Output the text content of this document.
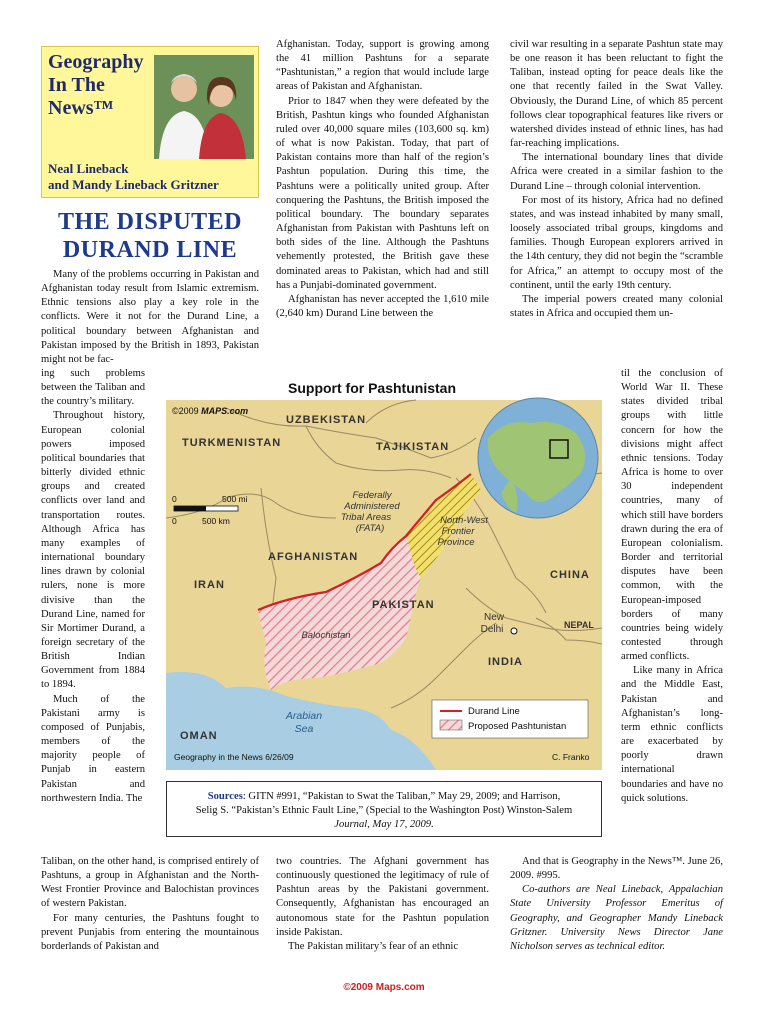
Geography
In The
News™
Neal Lineback
and Mandy Lineback Gritzner
THE DISPUTED
DURAND LINE

Many of the problems occurring in Pakistan and Afghanistan today result from Islamic extremism. Ethnic tensions also play a key role in the conflicts. Were it not for the Durand Line, a political boundary between Afghanistan and Pakistan imposed by the British in 1893, Pakistan might not be fac-

ing such problems between the Taliban and the country’s military.

Throughout history, European colonial powers imposed political boundaries that bitterly divided ethnic groups and created conflicts over land and transportation routes. Although Africa has many examples of international boundary lines drawn by colonial rulers, none is more divisive than the Durand Line, named for Sir Mortimer Durand, a foreign secretary of the British Indian Government from 1884 to 1894.

Much of the Pakistani army is composed of Punjabis, members of the majority people of Punjab in eastern Pakistan and northwestern India. The

Taliban, on the other hand, is comprised entirely of Pashtuns, a group in Afghanistan and the North-West Frontier Province and Balochistan provinces of western Pakistan.

For many centuries, the Pashtuns fought to prevent Punjabis from entering the mountainous borderlands of Pakistan and

Afghanistan. Today, support is growing among the 41 million Pashtuns for a separate “Pashtunistan,” a region that would include large areas of Pakistan and Afghanistan.

Prior to 1847 when they were defeated by the British, Pashtun kings who founded Afghanistan ruled over 40,000 square miles (103,600 sq. km) of what is now Pakistan. Today, that part of Pakistan contains more than half of the region’s Pashtun population. During this time, the Pashtuns were a politically united group. After conquering the Pashtuns, the British imposed the political boundary. The boundary separates Afghanistan from Pakistan with Pashtuns left on both sides of the line. Although the Pashtuns vehemently protested, the British gave these dominated areas to Pakistan, which had and still has a Punjabi-dominated government.

Afghanistan has never accepted the 1,610 mile (2,640 km) Durand Line between the

two countries. The Afghani government has continuously questioned the legitimacy of rule of Pashtun areas by the Pakistani government. Consequently, Afghanistan has encouraged an autonomous state for the Pashtun population inside Pakistan.

The Pakistan military’s fear of an ethnic

civil war resulting in a separate Pashtun state may be one reason it has been reluctant to fight the Taliban, instead opting for peace deals like the one that recently failed in the Swat Valley. Obviously, the Durand Line, of which 85 percent follows clear topographical features like rivers or watershed divides instead of ethnic lines, has had far-reaching implications.

The international boundary lines that divide Africa were created in a similar fashion to the Durand Line – through colonial intervention.

For most of its history, Africa had no defined states, and was instead inhabited by many small, loosely associated tribal groups, kingdoms and families. Though European explorers arrived in the 14th century, they did not begin the “scramble for Africa,” an attempt to occupy most of the continent, until the early 19th century.

The imperial powers created many colonial states in Africa and occupied them un-

til the conclusion of World War II. These states divided tribal groups with little concern for how the divisions might affect ethnic tensions. Today Africa is home to over 30 independent countries, many of which still have borders drawn during the era of European colonialism. Border and territorial disputes have been common, with the European-imposed borders of many countries being widely contested through armed conflicts.

Like many in Africa and the Middle East, Pakistan and Afghanistan’s long-term ethnic conflicts are exacerbated by poorly drawn international boundaries and have no quick solutions.

And that is Geography in the News™. June 26, 2009. #995.

Co-authors are Neal Lineback, Appalachian State University Professor Emeritus of Geography, and Geographer Mandy Lineback Gritzner. University News Director Jane Nicholson serves as technical editor.

Support for Pashtunistan
©2009 MAPS.com
UZBEKISTAN
TAJIKISTAN
TURKMENISTAN
AFGHANISTAN
IRAN
PAKISTAN
CHINA
INDIA
NEPAL
OMAN
Federally
Administered
Tribal Areas
(FATA)
North-West
Frontier
Province
Balochistan
New
Delhi
Arabian
Sea
0	500 mi
0	500 km
Durand Line
Proposed Pashtunistan
Geography in the News 6/26/09	C. Franko
Sources: GITN #991, “Pakistan to Swat the Taliban,” May 29, 2009; and Harrison,
Selig S. “Pakistan’s Ethnic Fault Line,” (Special to the Washington Post) Winston-Salem
Journal, May 17, 2009.
©2009 Maps.com
